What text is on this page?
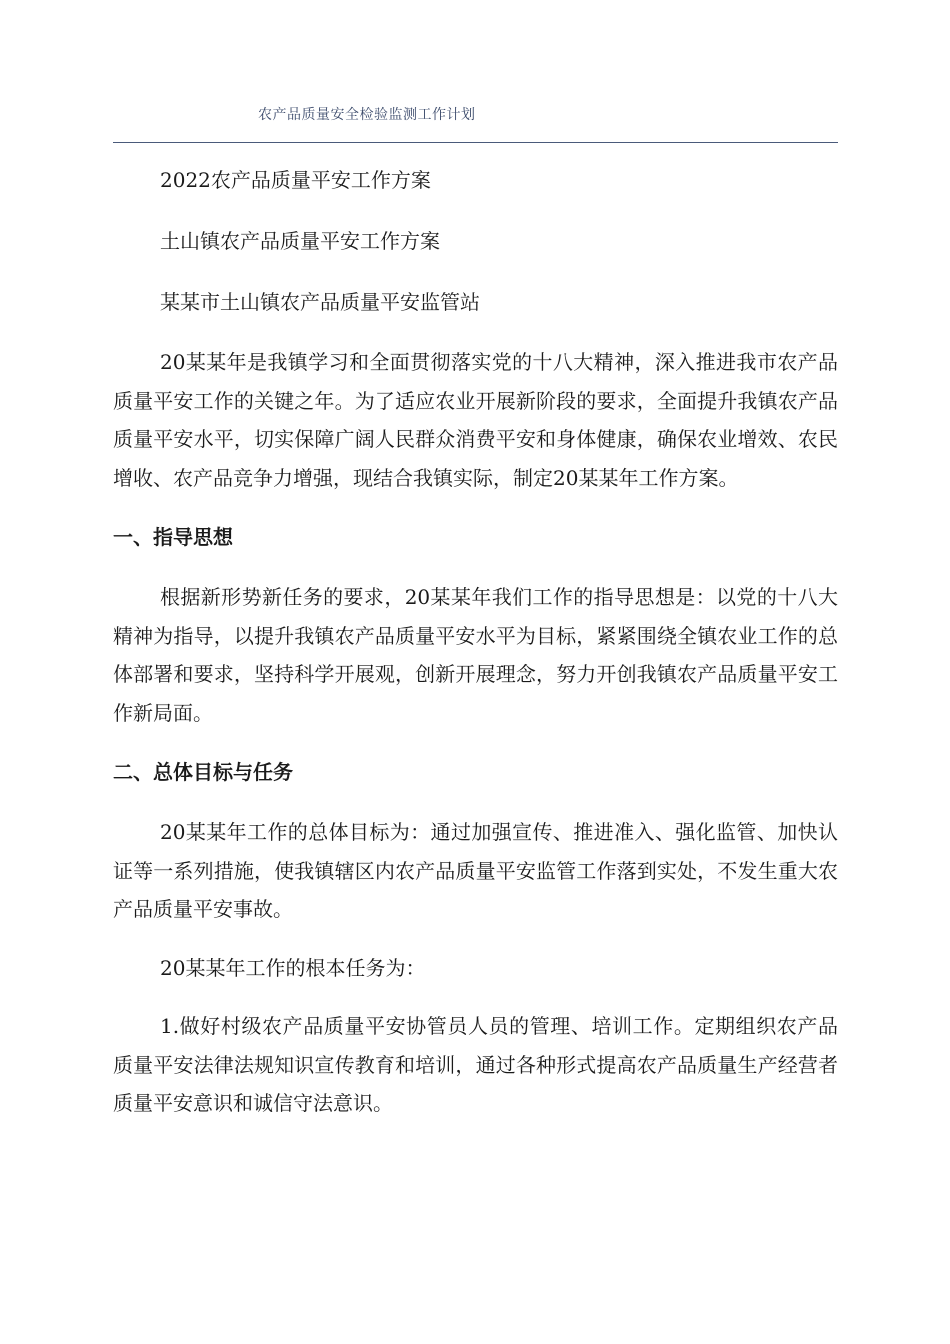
农产品质量安全检验监测工作计划

2022农产品质量平安工作方案

土山镇农产品质量平安工作方案

某某市土山镇农产品质量平安监管站

20某某年是我镇学习和全面贯彻落实党的十八大精神，深入推进我市农产品质量平安工作的关键之年。为了适应农业开展新阶段的要求，全面提升我镇农产品质量平安水平，切实保障广阔人民群众消费平安和身体健康，确保农业增效、农民增收、农产品竞争力增强，现结合我镇实际，制定20某某年工作方案。

一、指导思想

根据新形势新任务的要求，20某某年我们工作的指导思想是：以党的十八大精神为指导，以提升我镇农产品质量平安水平为目标，紧紧围绕全镇农业工作的总体部署和要求，坚持科学开展观，创新开展理念，努力开创我镇农产品质量平安工作新局面。

二、总体目标与任务

20某某年工作的总体目标为：通过加强宣传、推进准入、强化监管、加快认证等一系列措施，使我镇辖区内农产品质量平安监管工作落到实处，不发生重大农产品质量平安事故。

20某某年工作的根本任务为：

1.做好村级农产品质量平安协管员人员的管理、培训工作。定期组织农产品质量平安法律法规知识宣传教育和培训，通过各种形式提高农产品质量生产经营者质量平安意识和诚信守法意识。
